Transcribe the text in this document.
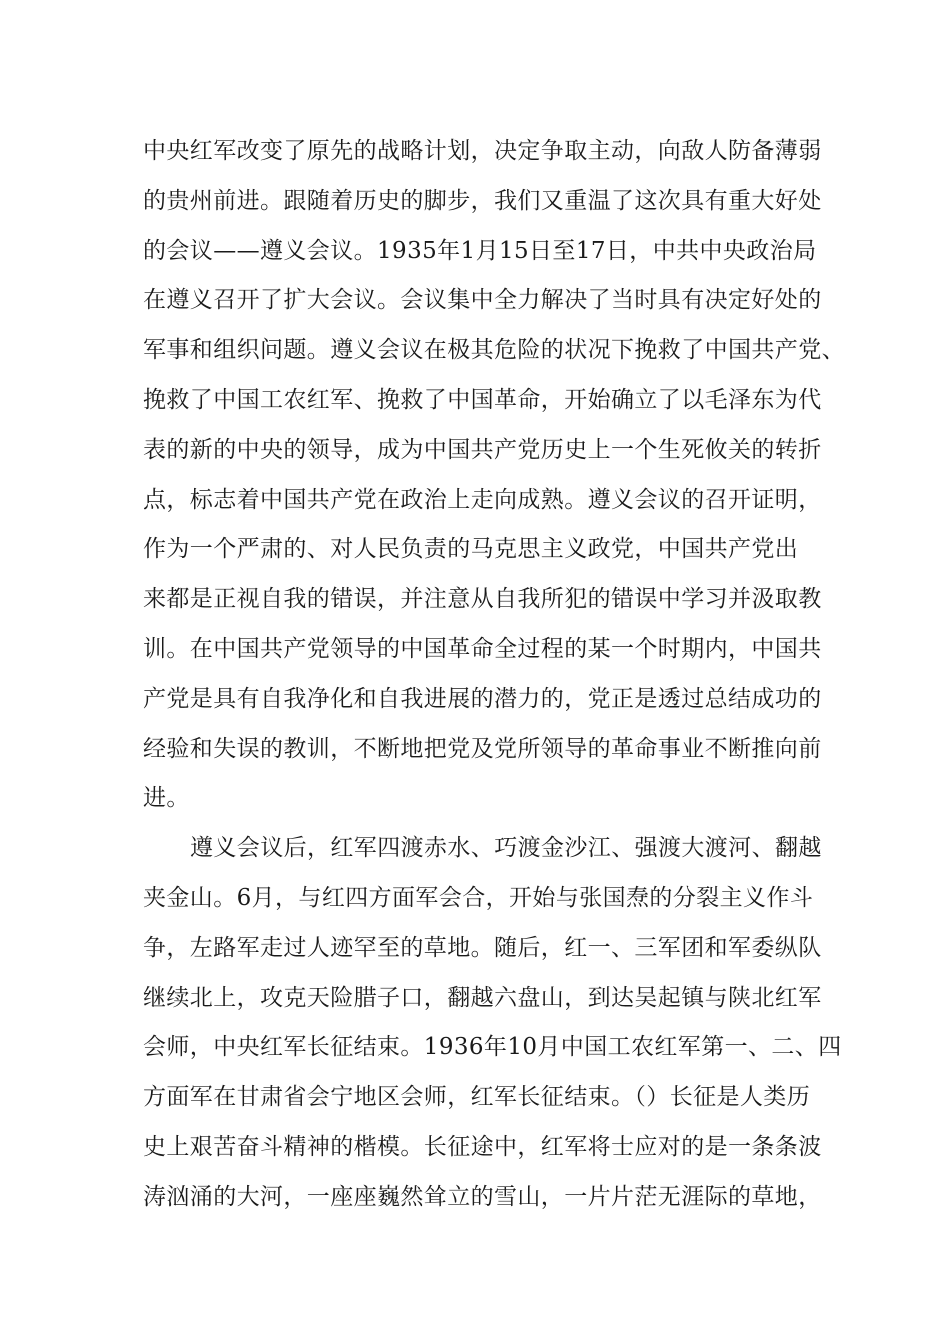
中央红军改变了原先的战略计划，决定争取主动，向敌人防备薄弱
的贵州前进。跟随着历史的脚步，我们又重温了这次具有重大好处
的会议——遵义会议。1935年1月15日至17日，中共中央政治局
在遵义召开了扩大会议。会议集中全力解决了当时具有决定好处的
军事和组织问题。遵义会议在极其危险的状况下挽救了中国共产党、
挽救了中国工农红军、挽救了中国革命，开始确立了以毛泽东为代
表的新的中央的领导，成为中国共产党历史上一个生死攸关的转折
点，标志着中国共产党在政治上走向成熟。遵义会议的召开证明，
作为一个严肃的、对人民负责的马克思主义政党，中国共产党出
来都是正视自我的错误，并注意从自我所犯的错误中学习并汲取教
训。在中国共产党领导的中国革命全过程的某一个时期内，中国共
产党是具有自我净化和自我进展的潜力的，党正是透过总结成功的
经验和失误的教训，不断地把党及党所领导的革命事业不断推向前
进。
遵义会议后，红军四渡赤水、巧渡金沙江、强渡大渡河、翻越
夹金山。6月，与红四方面军会合，开始与张国焘的分裂主义作斗
争，左路军走过人迹罕至的草地。随后，红一、三军团和军委纵队
继续北上，攻克天险腊子口，翻越六盘山，到达吴起镇与陕北红军
会师，中央红军长征结束。1936年10月中国工农红军第一、二、四
方面军在甘肃省会宁地区会师，红军长征结束。（）长征是人类历
史上艰苦奋斗精神的楷模。长征途中，红军将士应对的是一条条波
涛汹涌的大河，一座座巍然耸立的雪山，一片片茫无涯际的草地，
